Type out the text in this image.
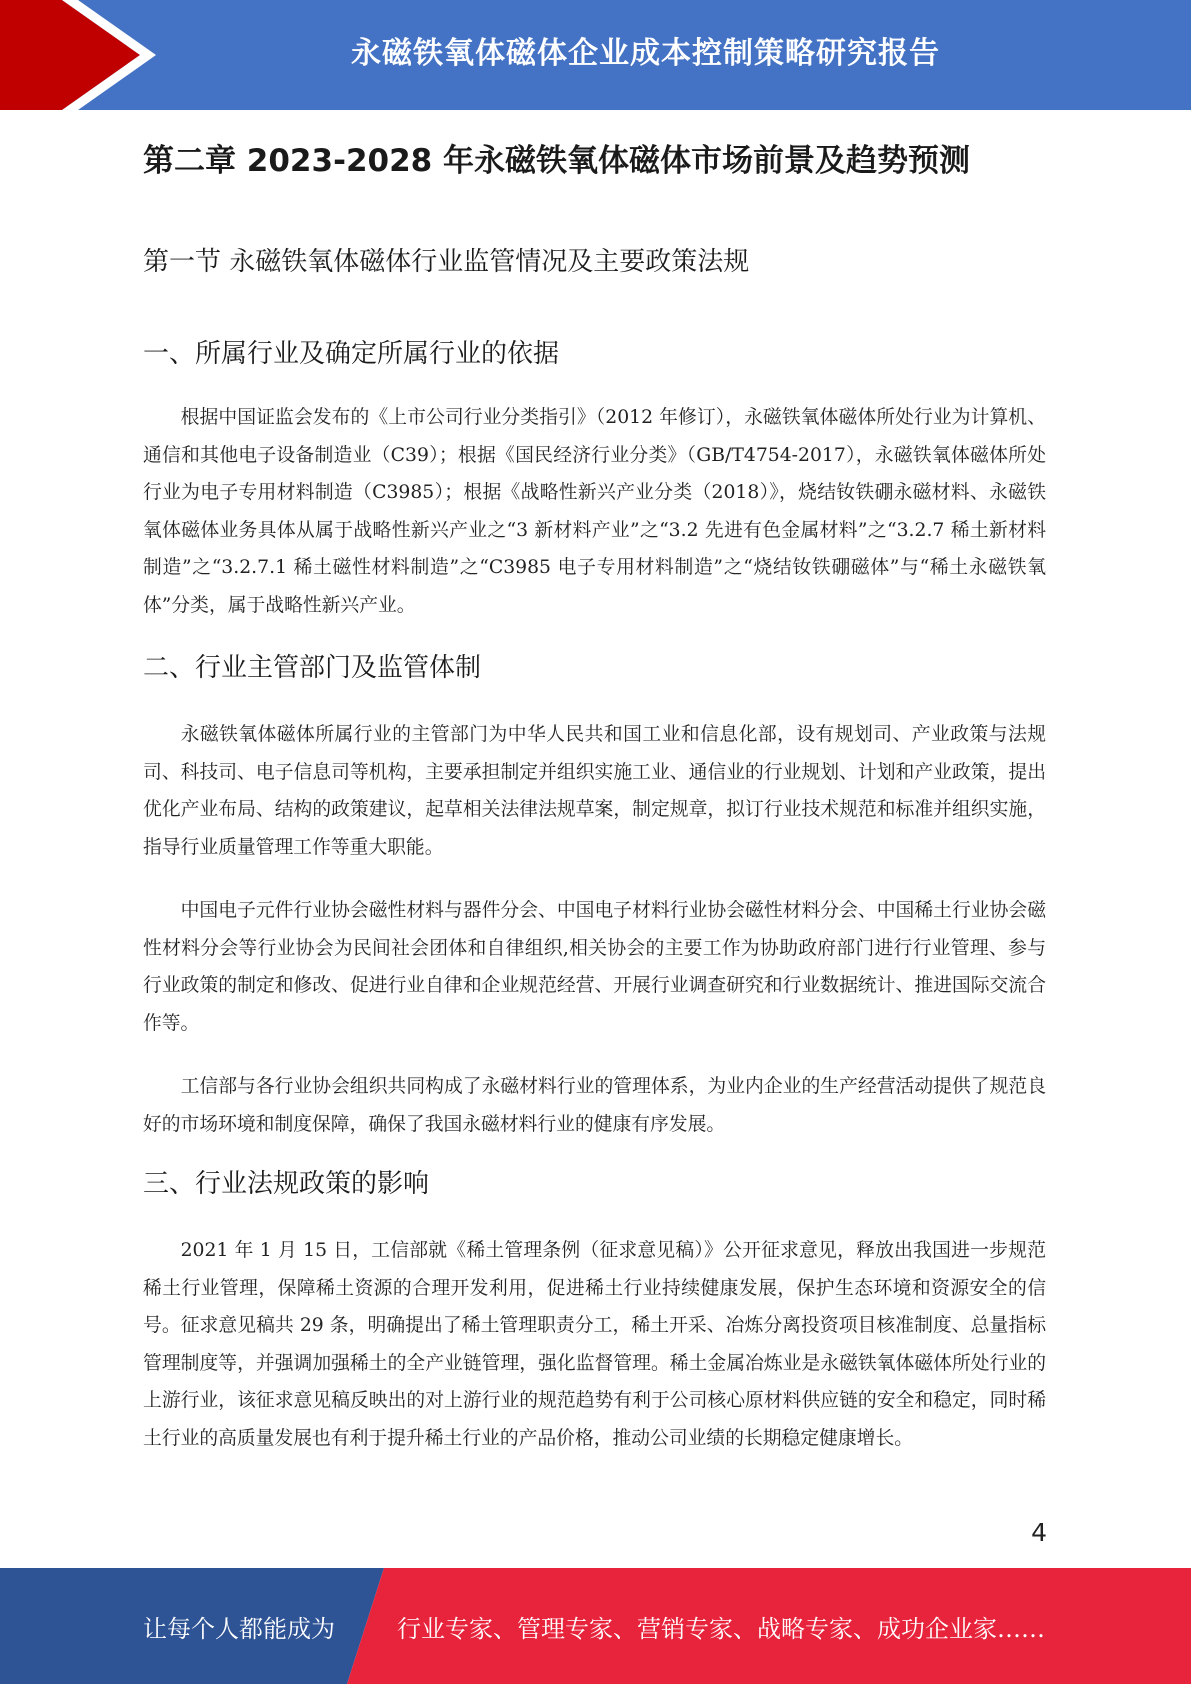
永磁铁氧体磁体企业成本控制策略研究报告
第二章 2023-2028 年永磁铁氧体磁体市场前景及趋势预测
第一节 永磁铁氧体磁体行业监管情况及主要政策法规
一、所属行业及确定所属行业的依据

根据中国证监会发布的《上市公司行业分类指引》（2012 年修订），永磁铁氧体磁体所处行业为计算机、通信和其他电子设备制造业（C39）；根据《国民经济行业分类》（GB/T4754-2017），永磁铁氧体磁体所处行业为电子专用材料制造（C3985）；根据《战略性新兴产业分类（2018）》，烧结钕铁硼永磁材料、永磁铁氧体磁体业务具体从属于战略性新兴产业之“3 新材料产业”之“3.2 先进有色金属材料”之“3.2.7 稀土新材料制造”之“3.2.7.1 稀土磁性材料制造”之“C3985 电子专用材料制造”之“烧结钕铁硼磁体”与“稀土永磁铁氧体”分类，属于战略性新兴产业。

二、行业主管部门及监管体制

永磁铁氧体磁体所属行业的主管部门为中华人民共和国工业和信息化部，设有规划司、产业政策与法规司、科技司、电子信息司等机构，主要承担制定并组织实施工业、通信业的行业规划、计划和产业政策，提出优化产业布局、结构的政策建议，起草相关法律法规草案，制定规章，拟订行业技术规范和标准并组织实施，指导行业质量管理工作等重大职能。

中国电子元件行业协会磁性材料与器件分会、中国电子材料行业协会磁性材料分会、中国稀土行业协会磁性材料分会等行业协会为民间社会团体和自律组织,相关协会的主要工作为协助政府部门进行行业管理、参与行业政策的制定和修改、促进行业自律和企业规范经营、开展行业调查研究和行业数据统计、推进国际交流合作等。

工信部与各行业协会组织共同构成了永磁材料行业的管理体系，为业内企业的生产经营活动提供了规范良好的市场环境和制度保障，确保了我国永磁材料行业的健康有序发展。

三、行业法规政策的影响

2021 年 1 月 15 日，工信部就《稀土管理条例（征求意见稿）》公开征求意见，释放出我国进一步规范稀土行业管理，保障稀土资源的合理开发利用，促进稀土行业持续健康发展，保护生态环境和资源安全的信号。征求意见稿共 29 条，明确提出了稀土管理职责分工，稀土开采、冶炼分离投资项目核准制度、总量指标管理制度等，并强调加强稀土的全产业链管理，强化监督管理。稀土金属冶炼业是永磁铁氧体磁体所处行业的上游行业，该征求意见稿反映出的对上游行业的规范趋势有利于公司核心原材料供应链的安全和稳定，同时稀土行业的高质量发展也有利于提升稀土行业的产品价格，推动公司业绩的长期稳定健康增长。

4
让每个人都能成为	行业专家、管理专家、营销专家、战略专家、成功企业家……
